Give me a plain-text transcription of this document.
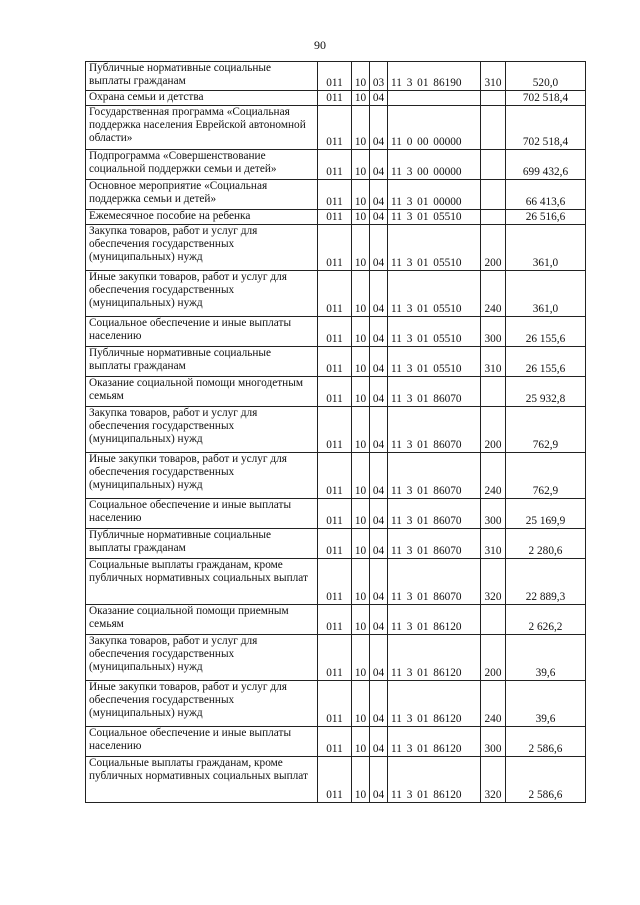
90
Публичные нормативные социальные выплаты гражданам	011	10	03	11 3 01 86190	310	520,0
Охрана семьи и детства	011	10	04			702 518,4
Государственная программа «Социальная поддержка населения Еврейской автономной области»	011	10	04	11 0 00 00000		702 518,4
Подпрограмма «Совершенствование социальной поддержки семьи и детей»	011	10	04	11 3 00 00000		699 432,6
Основное мероприятие «Социальная поддержка семьи и детей»	011	10	04	11 3 01 00000		66 413,6
Ежемесячное пособие на ребенка	011	10	04	11 3 01 05510		26 516,6
Закупка товаров, работ и услуг для обеспечения государственных (муниципальных) нужд	011	10	04	11 3 01 05510	200	361,0
Иные закупки товаров, работ и услуг для обеспечения государственных (муниципальных) нужд	011	10	04	11 3 01 05510	240	361,0
Социальное обеспечение и иные выплаты населению	011	10	04	11 3 01 05510	300	26 155,6
Публичные нормативные социальные выплаты гражданам	011	10	04	11 3 01 05510	310	26 155,6
Оказание социальной помощи многодетным семьям	011	10	04	11 3 01 86070		25 932,8
Закупка товаров, работ и услуг для обеспечения государственных (муниципальных) нужд	011	10	04	11 3 01 86070	200	762,9
Иные закупки товаров, работ и услуг для обеспечения государственных (муниципальных) нужд	011	10	04	11 3 01 86070	240	762,9
Социальное обеспечение и иные выплаты населению	011	10	04	11 3 01 86070	300	25 169,9
Публичные нормативные социальные выплаты гражданам	011	10	04	11 3 01 86070	310	2 280,6
Социальные выплаты гражданам, кроме публичных нормативных социальных выплат	011	10	04	11 3 01 86070	320	22 889,3
Оказание социальной помощи приемным семьям	011	10	04	11 3 01 86120		2 626,2
Закупка товаров, работ и услуг для обеспечения государственных (муниципальных) нужд	011	10	04	11 3 01 86120	200	39,6
Иные закупки товаров, работ и услуг для обеспечения государственных (муниципальных) нужд	011	10	04	11 3 01 86120	240	39,6
Социальное обеспечение и иные выплаты населению	011	10	04	11 3 01 86120	300	2 586,6
Социальные выплаты гражданам, кроме публичных нормативных социальных выплат	011	10	04	11 3 01 86120	320	2 586,6
